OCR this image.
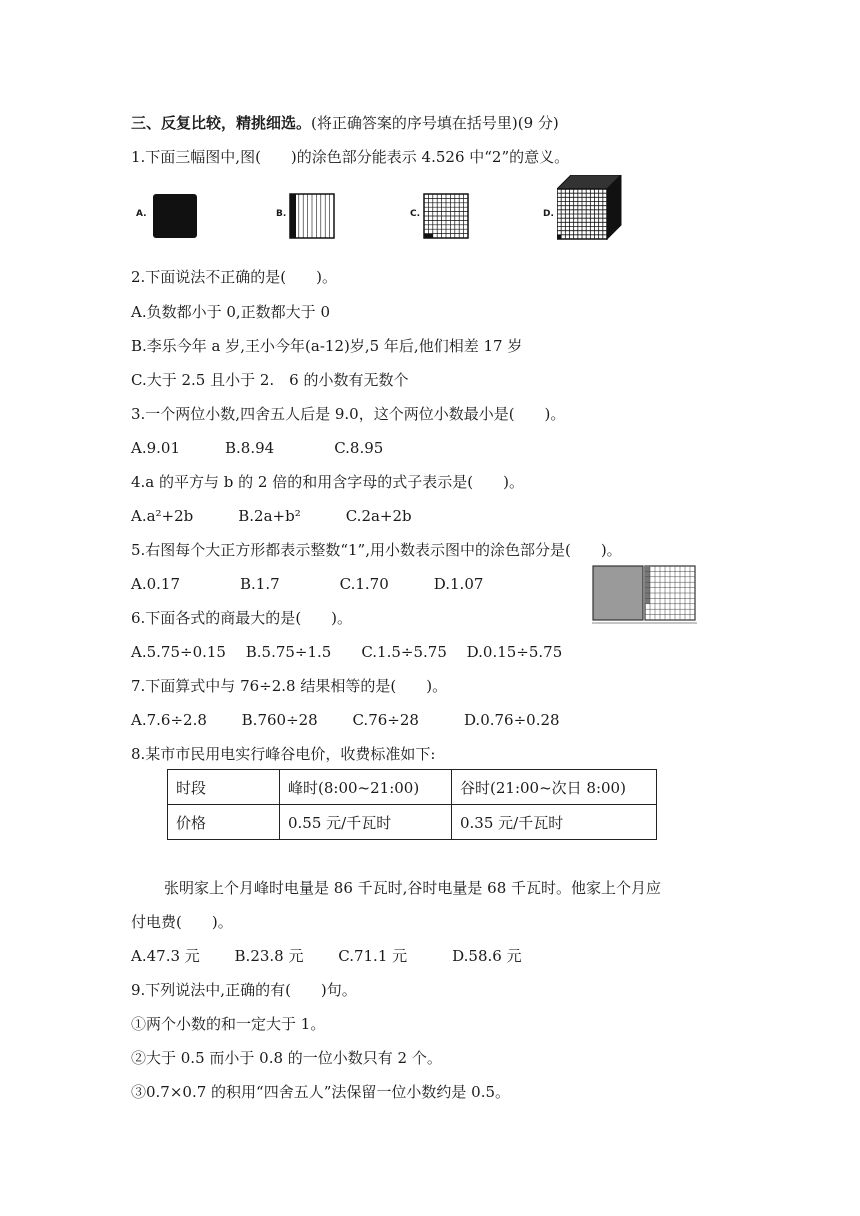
三、反复比较，精挑细选。(将正确答案的序号填在括号里)(9 分)
1.下面三幅图中,图(　　)的涂色部分能表示 4.526 中“2”的意义。
A.	B.	C.	D.
2.下面说法不正确的是(　　)。
A.负数都小于 0,正数都大于 0
B.李乐今年 a 岁,王小今年(a-12)岁,5 年后,他们相差 17 岁
C.大于 2.5 且小于 2.　6 的小数有无数个
3.一个两位小数,四舍五人后是 9.0，这个两位小数最小是(　　)。
A.9.01　　　B.8.94　　　　C.8.95
4.a 的平方与 b 的 2 倍的和用含字母的式子表示是(　　)。
A.a²+2b　　　B.2a+b²　　　C.2a+2b
5.右图每个大正方形都表示整数“1”,用小数表示图中的涂色部分是(　　)。
A.0.17　　　　B.1.7　　　　C.1.70　　　D.1.07
6.下面各式的商最大的是(　　)。
A.5.75÷0.15　 B.5.75÷1.5　　C.1.5÷5.75　 D.0.15÷5.75
7.下面算式中与 76÷2.8 结果相等的是(　　)。
A.7.6÷2.8　　 B.760÷28　　 C.76÷28　　　D.0.76÷0.28
8.某市市民用电实行峰谷电价，收费标准如下:
时段	峰时(8:00~21:00)	谷时(21:00~次日 8:00)
价格	0.55 元/千瓦时	0.35 元/千瓦时
张明家上个月峰时电量是 86 千瓦时,谷时电量是 68 千瓦时。他家上个月应
付电费(　　)。
A.47.3 元　　 B.23.8 元　　 C.71.1 元　　　D.58.6 元
9.下列说法中,正确的有(　　)句。
①两个小数的和一定大于 1。
②大于 0.5 而小于 0.8 的一位小数只有 2 个。
③0.7×0.7 的积用“四舍五人”法保留一位小数约是 0.5。
